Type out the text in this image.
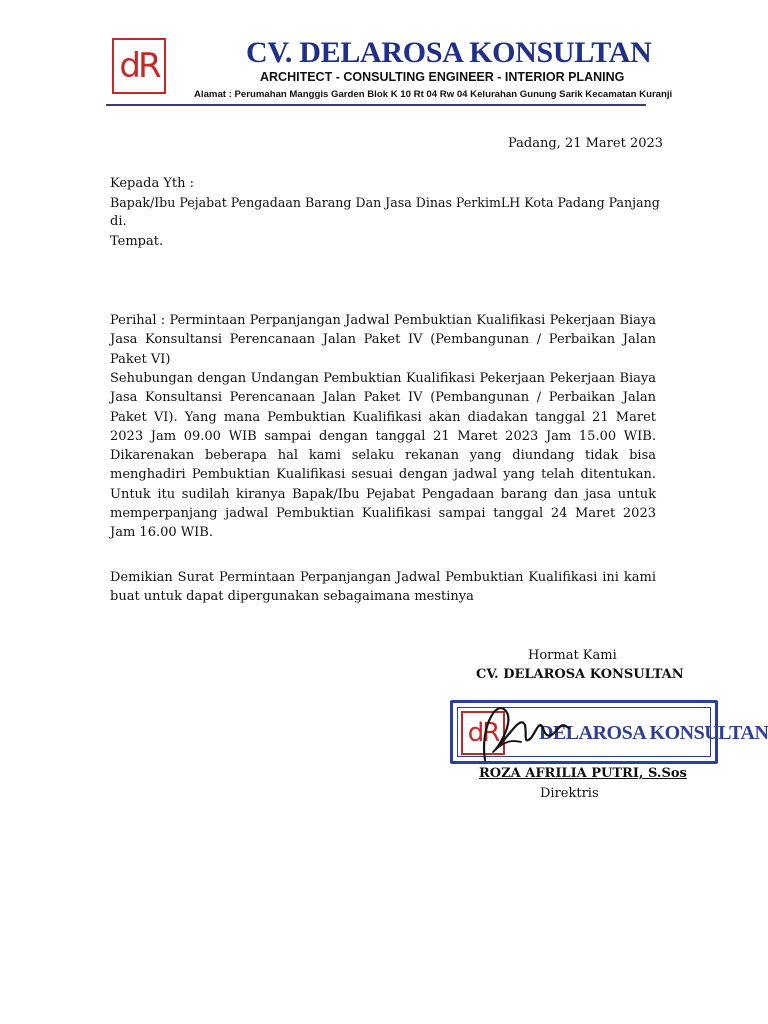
dR	CV. DELAROSA KONSULTAN
ARCHITECT - CONSULTING ENGINEER - INTERIOR PLANING
Alamat : Perumahan Manggis Garden Blok K 10 Rt 04 Rw 04 Kelurahan Gunung Sarik Kecamatan Kuranji
Padang, 21 Maret 2023
Kepada Yth :
Bapak/Ibu Pejabat Pengadaan Barang Dan Jasa Dinas PerkimLH Kota Padang Panjang
di.
Tempat.

Perihal : Permintaan Perpanjangan Jadwal Pembuktian Kualifikasi Pekerjaan Biaya Jasa Konsultansi Perencanaan Jalan Paket IV (Pembangunan / Perbaikan Jalan Paket VI)

Sehubungan dengan Undangan Pembuktian Kualifikasi Pekerjaan Pekerjaan Biaya Jasa Konsultansi Perencanaan Jalan Paket IV (Pembangunan / Perbaikan Jalan Paket VI). Yang mana Pembuktian Kualifikasi akan diadakan tanggal 21 Maret 2023 Jam 09.00 WIB sampai dengan tanggal 21 Maret 2023 Jam 15.00 WIB. Dikarenakan beberapa hal kami selaku rekanan yang diundang tidak bisa menghadiri Pembuktian Kualifikasi sesuai dengan jadwal yang telah ditentukan. Untuk itu sudilah kiranya Bapak/Ibu Pejabat Pengadaan barang dan jasa untuk memperpanjang jadwal Pembuktian Kualifikasi sampai tanggal 24 Maret 2023 Jam 16.00 WIB.

Demikian Surat Permintaan Perpanjangan Jadwal Pembuktian Kualifikasi ini kami buat untuk dapat dipergunakan sebagaimana mestinya

Hormat Kami
CV. DELAROSA KONSULTAN
dR	DELAROSA KONSULTAN
ROZA AFRILIA PUTRI, S.Sos
Direktris
